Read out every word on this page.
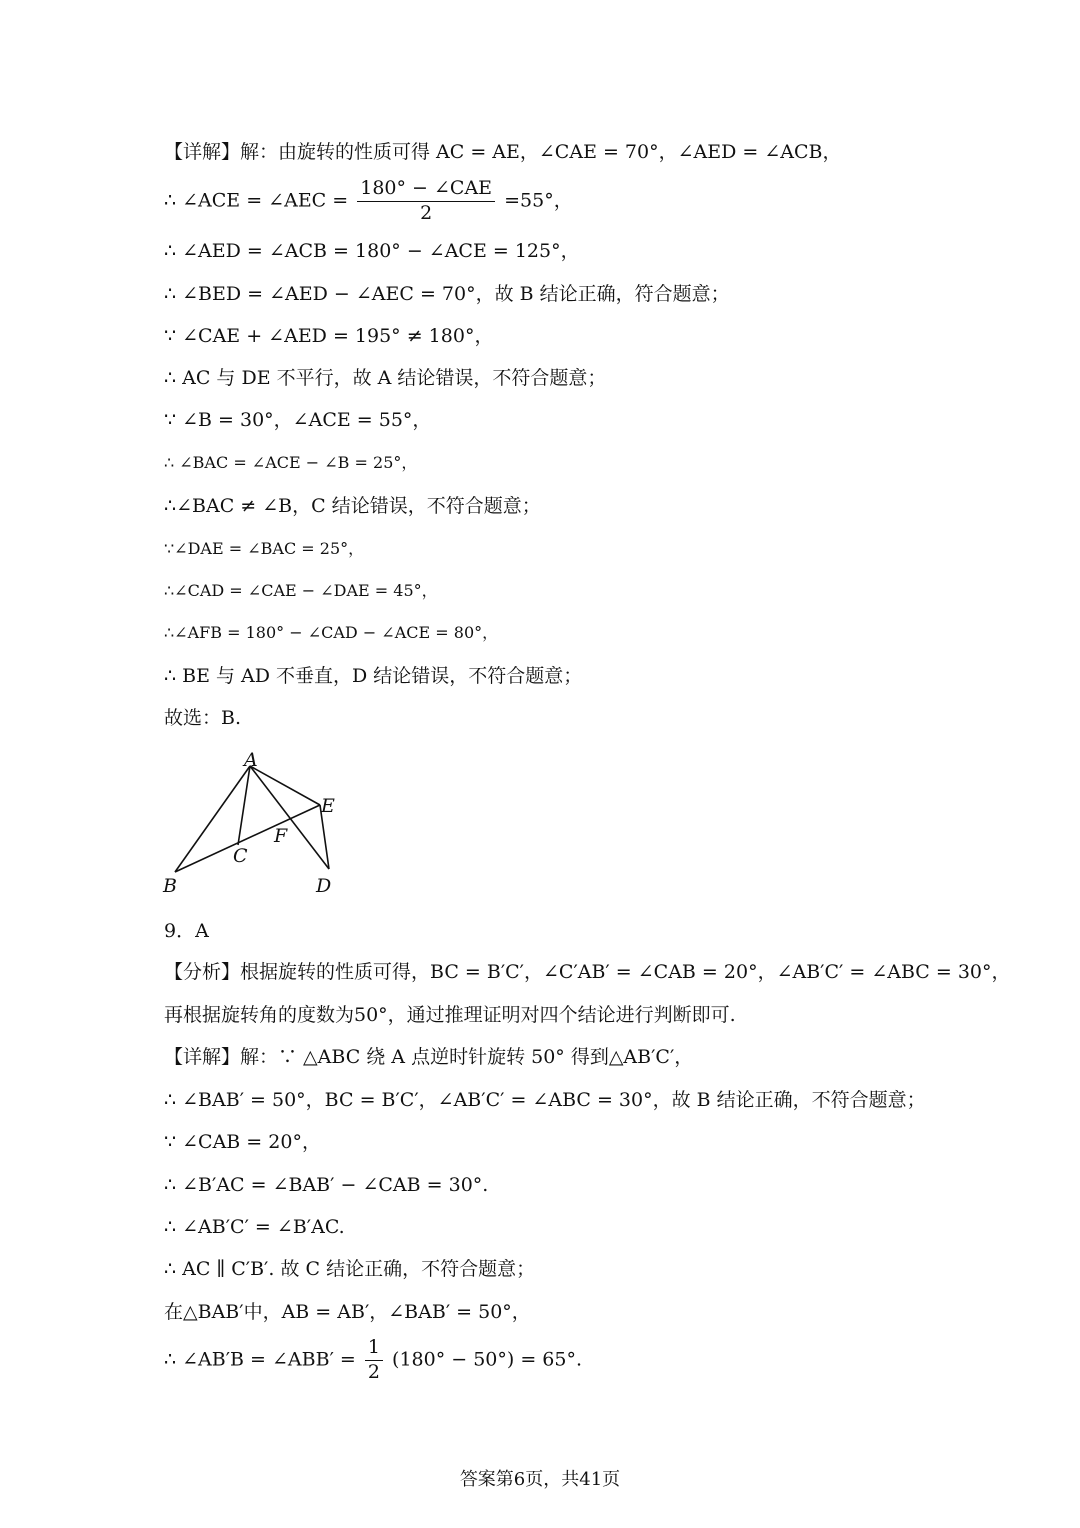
【详解】解：由旋转的性质可得 AC = AE，∠CAE = 70°，∠AED = ∠ACB，
∴ ∠ACE = ∠AEC = $\frac{\text{180° − ∠CAE}}{2} =55^\circ$，
∴ ∠AED = ∠ACB = 180° − ∠ACE = 125°，
∴ ∠BED = ∠AED − ∠AEC = 70°，故 B 结论正确，符合题意；
∵ ∠CAE + ∠AED = 195° ≠ 180°，
∴ AC 与 DE 不平行，故 A 结论错误，不符合题意；
∵ ∠B = 30°，∠ACE = 55°，
∴ ∠BAC = ∠ACE − ∠B = 25°，
∴∠BAC ≠ ∠B，C 结论错误，不符合题意；
∵∠DAE = ∠BAC = 25°，
∴∠CAD = ∠CAE − ∠DAE = 45°，
∴∠AFB = 180° − ∠CAD − ∠ACE = 80°，
∴ BE 与 AD 不垂直，D 结论错误，不符合题意；
故选：B.
A
E
F
C
B	D
9．A
【分析】根据旋转的性质可得，BC = B′C′，∠C′AB′ = ∠CAB = 20°，∠AB′C′ = ∠ABC = 30°，
再根据旋转角的度数为50°，通过推理证明对四个结论进行判断即可.
【详解】解：∵ △ABC 绕 A 点逆时针旋转 50° 得到△AB′C′，
∴ ∠BAB′ = 50°，BC = B′C′，∠AB′C′ = ∠ABC = 30°，故 B 结论正确，不符合题意；
∵ ∠CAB = 20°，
∴ ∠B′AC = ∠BAB′ − ∠CAB = 30°.
∴ ∠AB′C′ = ∠B′AC.
∴ AC ∥ C′B′. 故 C 结论正确，不符合题意；
在△BAB′中，AB = AB′，∠BAB′ = 50°，
∴ ∠AB′B = ∠ABB′ = $\frac{1}{2} (180^\circ - 50^\circ) = 65^\circ$.
答案第6页，共41页
